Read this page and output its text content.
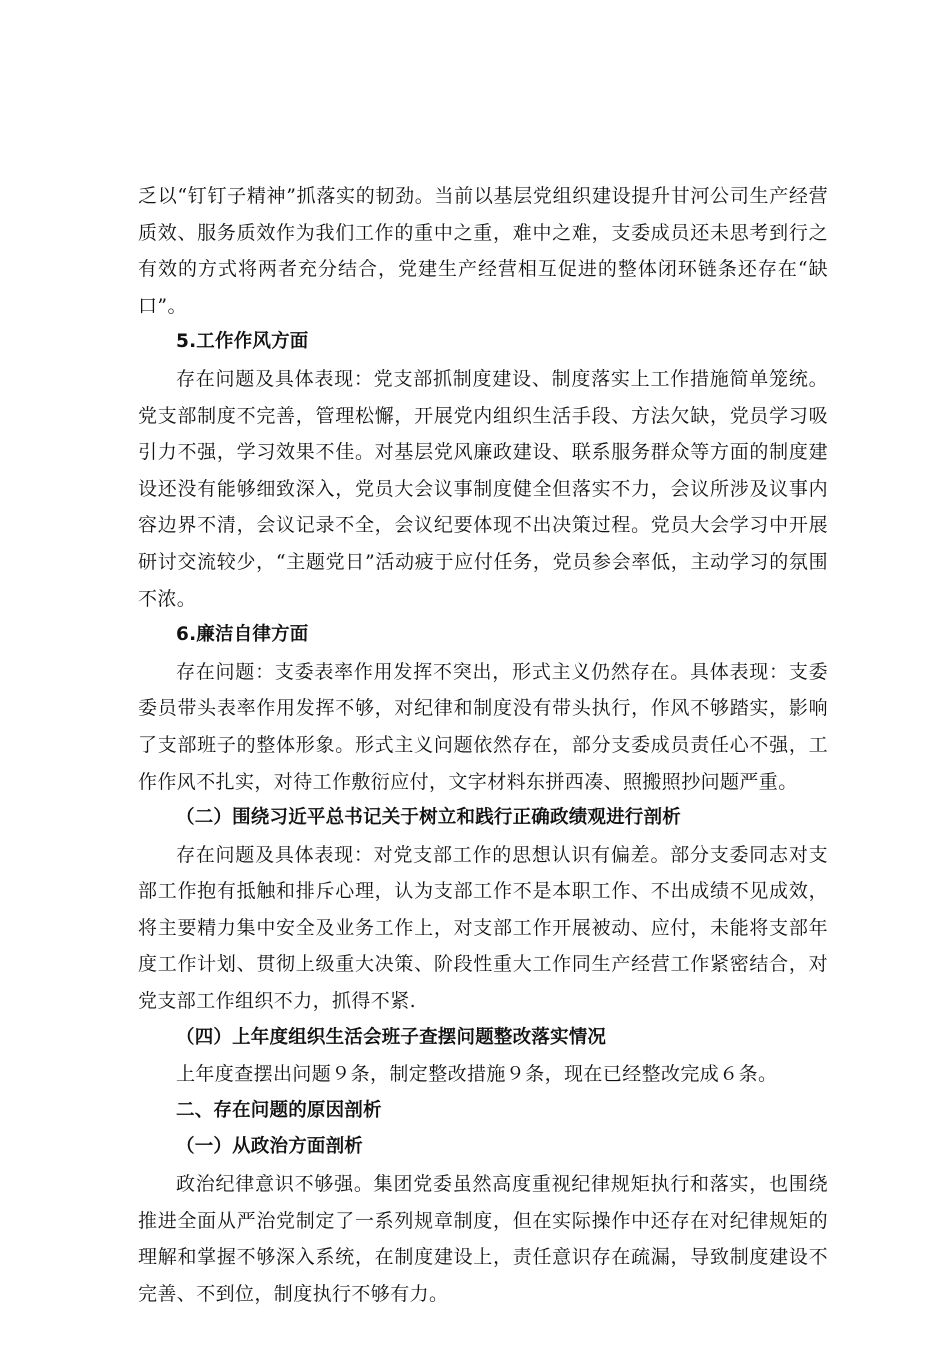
乏以“钉钉子精神”抓落实的韧劲。当前以基层党组织建设提升甘河公司生产经营质效、服务质效作为我们工作的重中之重，难中之难，支委成员还未思考到行之有效的方式将两者充分结合，党建生产经营相互促进的整体闭环链条还存在“缺口”。

5.工作作风方面

存在问题及具体表现：党支部抓制度建设、制度落实上工作措施简单笼统。党支部制度不完善，管理松懈，开展党内组织生活手段、方法欠缺，党员学习吸引力不强，学习效果不佳。对基层党风廉政建设、联系服务群众等方面的制度建设还没有能够细致深入，党员大会议事制度健全但落实不力，会议所涉及议事内容边界不清，会议记录不全，会议纪要体现不出决策过程。党员大会学习中开展研讨交流较少，“主题党日”活动疲于应付任务，党员参会率低，主动学习的氛围不浓。

6.廉洁自律方面

存在问题：支委表率作用发挥不突出，形式主义仍然存在。具体表现：支委委员带头表率作用发挥不够，对纪律和制度没有带头执行，作风不够踏实，影响了支部班子的整体形象。形式主义问题依然存在，部分支委成员责任心不强，工作作风不扎实，对待工作敷衍应付，文字材料东拼西凑、照搬照抄问题严重。

（二）围绕习近平总书记关于树立和践行正确政绩观进行剖析

存在问题及具体表现：对党支部工作的思想认识有偏差。部分支委同志对支部工作抱有抵触和排斥心理，认为支部工作不是本职工作、不出成绩不见成效，将主要精力集中安全及业务工作上，对支部工作开展被动、应付，未能将支部年度工作计划、贯彻上级重大决策、阶段性重大工作同生产经营工作紧密结合，对党支部工作组织不力，抓得不紧.

（四）上年度组织生活会班子查摆问题整改落实情况

上年度查摆出问题９条，制定整改措施９条，现在已经整改完成６条。

二、存在问题的原因剖析

（一）从政治方面剖析

政治纪律意识不够强。集团党委虽然高度重视纪律规矩执行和落实，也围绕推进全面从严治党制定了一系列规章制度，但在实际操作中还存在对纪律规矩的理解和掌握不够深入系统，在制度建设上，责任意识存在疏漏，导致制度建设不完善、不到位，制度执行不够有力。
